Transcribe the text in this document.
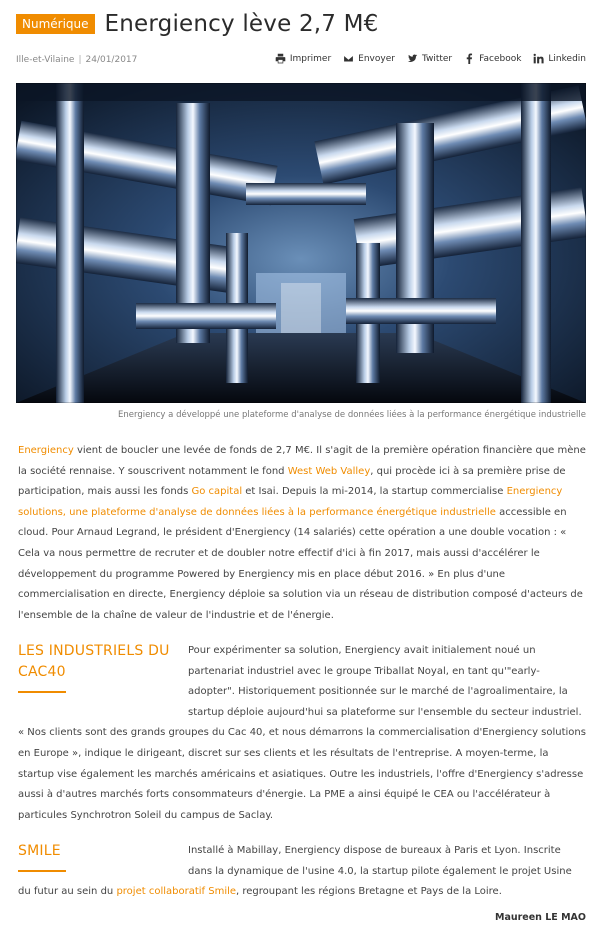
Numérique Energiency lève 2,7 M€
Ille-et-Vilaine | 24/01/2017	Imprimer	Envoyer	Twitter	Facebook	Linkedin
Energiency a développé une plateforme d'analyse de données liées à la performance énergétique industrielle

Energiency vient de boucler une levée de fonds de 2,7 M€. Il s'agit de la première opération financière que mène la société rennaise. Y souscrivent notamment le fond West Web Valley, qui procède ici à sa première prise de participation, mais aussi les fonds Go capital et Isai. Depuis la mi-2014, la startup commercialise Energiency solutions, une plateforme d'analyse de données liées à la performance énergétique industrielle accessible en cloud. Pour Arnaud Legrand, le président d'Energiency (14 salariés) cette opération a une double vocation : « Cela va nous permettre de recruter et de doubler notre effectif d'ici à fin 2017, mais aussi d'accélérer le développement du programme Powered by Energiency mis en place début 2016. » En plus d'une commercialisation en directe, Energiency déploie sa solution via un réseau de distribution composé d'acteurs de l'ensemble de la chaîne de valeur de l'industrie et de l'énergie.

LES INDUSTRIELS DU CAC40
Pour expérimenter sa solution, Energiency avait initialement noué un partenariat industriel avec le groupe Triballat Noyal, en tant qu'"early-adopter". Historiquement positionnée sur le marché de l'agroalimentaire, la startup déploie aujourd'hui sa plateforme sur l'ensemble du secteur industriel. « Nos clients sont des grands groupes du Cac 40, et nous démarrons la commercialisation d'Energiency solutions en Europe », indique le dirigeant, discret sur ses clients et les résultats de l'entreprise. A moyen-terme, la startup vise également les marchés américains et asiatiques. Outre les industriels, l'offre d'Energiency s'adresse aussi à d'autres marchés forts consommateurs d'énergie. La PME a ainsi équipé le CEA ou l'accélérateur à particules Synchrotron Soleil du campus de Saclay.
SMILE	Installé à Mabillay, Energiency dispose de bureaux à Paris et Lyon. Inscrite dans la dynamique de l'usine 4.0, la startup pilote également le projet Usine du futur au sein du projet collaboratif Smile, regroupant les régions Bretagne et Pays de la Loire.
Maureen LE MAO
